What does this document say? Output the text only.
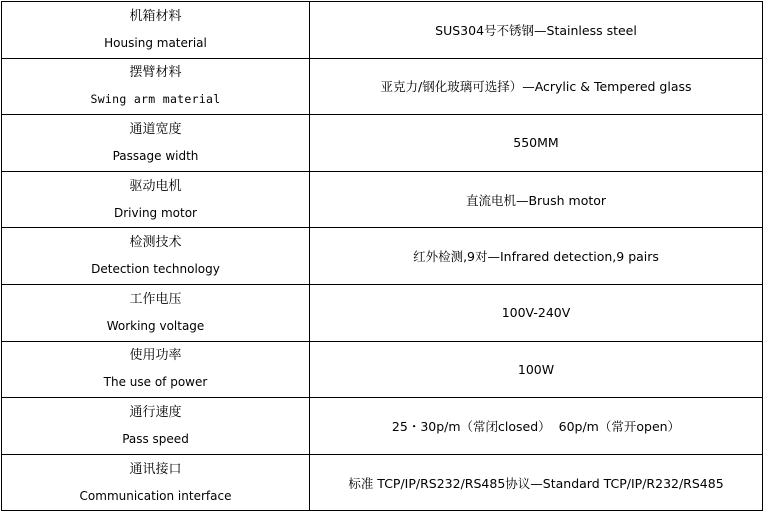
机箱材料
Housing material	SUS304号不锈钢—Stainless steel

摆臂材料
Swing arm material	亚克力/钢化玻璃可选择）—Acrylic & Tempered glass

通道宽度
Passage width	550MM

驱动电机
Driving motor	直流电机—Brush motor

检测技术
Detection technology	红外检测,9对—Infrared detection,9 pairs

工作电压
Working voltage	100V-240V

使用功率
The use of power	100W

通行速度
Pass speed	25・30p/m（常闭closed）  60p/m（常开open）

通讯接口
Communication interface	标准 TCP/IP/RS232/RS485协议—Standard TCP/IP/R232/RS485
